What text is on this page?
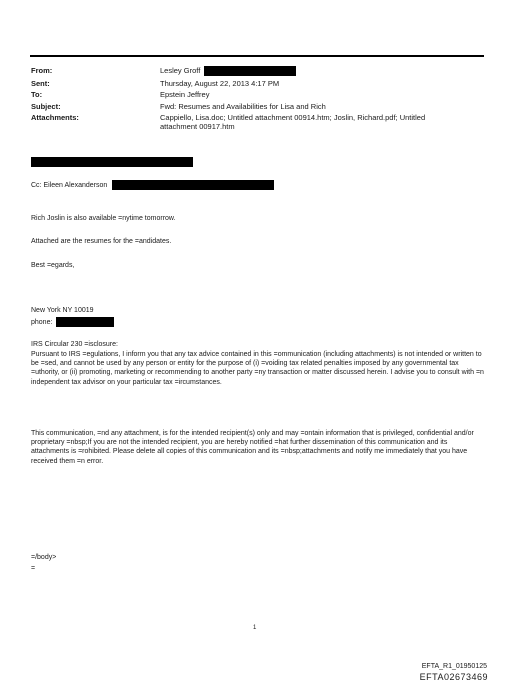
From:	Lesley Groff
Sent:	Thursday, August 22, 2013 4:17 PM
To:	Epstein Jeffrey
Subject:	Fwd: Resumes and Availabilities for Lisa and Rich
Attachments:	Cappiello, Lisa.doc; Untitled attachment 00914.htm; Joslin, Richard.pdf; Untitled attachment 00917.htm
Cc: Eileen Alexanderson
Rich Joslin is also available =nytime tomorrow.
Attached are the resumes for the =andidates.
Best =egards,
New York NY 10019
phone:
IRS Circular 230 =isclosure:
Pursuant to IRS =egulations, I inform you that any tax advice contained in this =ommunication (including attachments) is not intended or written to be =sed, and cannot be used by any person or entity for the purpose of (i) =voiding tax related penalties imposed by any governmental tax =uthority, or (ii) promoting, marketing or recommending to another party =ny transaction or matter discussed herein. I advise you to consult with =n independent tax advisor on your particular tax =ircumstances.
This communication, =nd any attachment, is for the intended recipient(s) only and may =ontain information that is privileged, confidential and/or proprietary =nbsp;If you are not the intended recipient, you are hereby notified =hat further dissemination of this communication and its attachments is =rohibited. Please delete all copies of this communication and its =nbsp;attachments and notify me immediately that you have received them =n error.
=/body>
=
1
EFTA_R1_01950125
EFTA02673469
